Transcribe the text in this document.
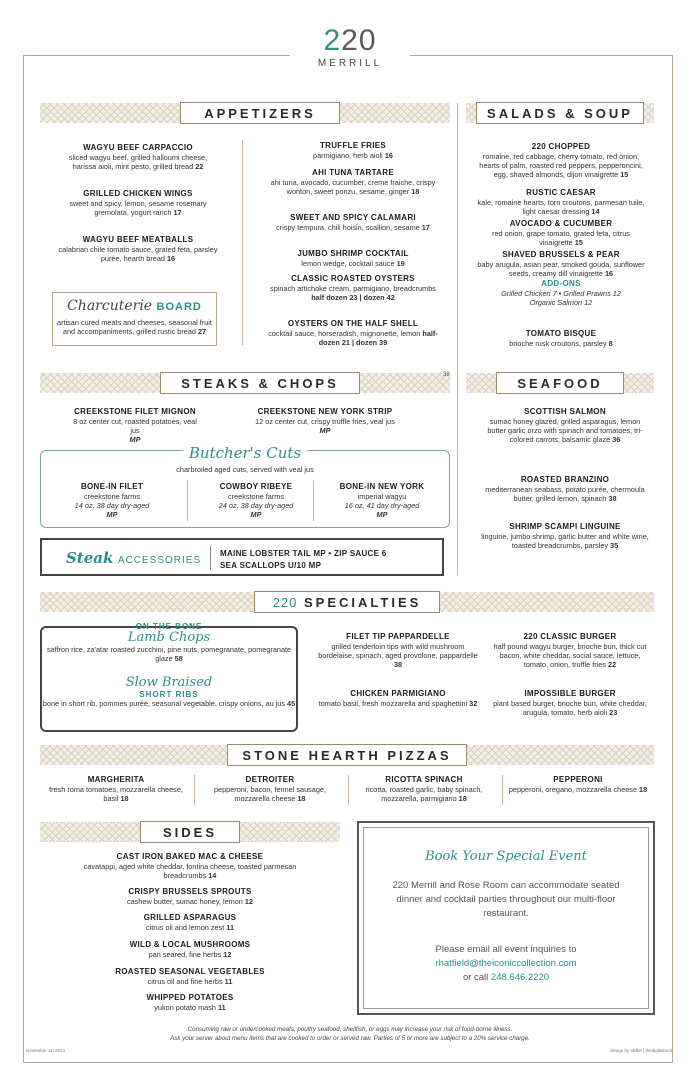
220
MERRILL
APPETIZERS
WAGYU BEEF CARPACCIO
sliced wagyu beef, grilled halloumi cheese, harissa aioli, mint pesto, grilled bread 22
GRILLED CHICKEN WINGS
sweet and spicy, lemon, sesame rosemary gremolata, yogurt ranch 17
WAGYU BEEF MEATBALLS
calabrian chile tomato sauce, grated feta, parsley purée, hearth bread 16
TRUFFLE FRIES
parmigiano, herb aioli 16
AHI TUNA TARTARE
ahi tuna, avocado, cucumber, creme fraiche, crispy wonton, sweet ponzu, sesame, ginger 18
SWEET AND SPICY CALAMARI
crispy tempura, chili hoisin, scallion, sesame 17
JUMBO SHRIMP COCKTAIL
lemon wedge, cocktail sauce 19
CLASSIC ROASTED OYSTERS
spinach artichoke cream, parmigiano, breadcrumbs half dozen 23 | dozen 42
OYSTERS ON THE HALF SHELL
cocktail sauce, horseradish, mignonette, lemon half-dozen 21 | dozen 39
Charcuterie BOARD
artisan cured meats and cheeses, seasonal fruit and accompaniments, grilled rustic bread 27
SALADS & SOUP
220 CHOPPED
romaine, red cabbage, cherry tomato, red onion, hearts of palm, roasted red peppers, pepperoncini, egg, shaved almonds, dijon vinaigrette 15
RUSTIC CAESAR
kale, romaine hearts, torn croutons, parmesan tuile, light caesar dressing 14
AVOCADO & CUCUMBER
red onion, grape tomato, grated feta, citrus vinaigrette 15
SHAVED BRUSSELS & PEAR
baby arugula, asian pear, smoked gouda, sunflower seeds, creamy dill vinaigrette 16
ADD-ONS
Grilled Chicken 7 • Grilled Prawns 12
Organic Salmon 12
TOMATO BISQUE
brioche rusk croutons, parsley 8
STEAKS & CHOPS
38
CREEKSTONE FILET MIGNON
8 oz center cut, roasted potatoes, veal jus
MP
CREEKSTONE NEW YORK STRIP
12 oz center cut, crispy truffle fries, veal jus
MP
Butcher's Cuts
charbroiled aged cuts, served with veal jus
BONE-IN FILET
creekstone farms
14 oz, 38 day dry-aged
MP
COWBOY RIBEYE
creekstone farms
24 oz, 38 day dry-aged
MP
BONE-IN NEW YORK
imperial wagyu
16 oz, 41 day dry-aged
MP
Steak ACCESSORIES
MAINE LOBSTER TAIL MP • ZIP SAUCE 6
SEA SCALLOPS U/10 MP
SEAFOOD
SCOTTISH SALMON
sumac honey glazed, grilled asparagus, lemon butter garlic orzo with spinach and tomatoes, tri-colored carrots, balsamic glaze 36
ROASTED BRANZINO
mediterranean seabass, potato purée, chermoula butter, grilled lemon, spinach 38
SHRIMP SCAMPI LINGUINE
linguine, jumbo shrimp, garlic butter and white wine, toasted breadcrumbs, parsley 35
220 SPECIALTIES
ON THE BONE
Lamb Chops
saffron rice, za'atar roasted zucchini, pine nuts, pomegranate, pomegranate glaze 58
Slow Braised
SHORT RIBS
bone in short rib, pommes purée, seasonal vegetable, crispy onions, au jus 45
FILET TIP PAPPARDELLE
grilled tenderloin tips with wild mushroom bordelaise, spinach, aged provolone, pappardelle 38
CHICKEN PARMIGIANO
tomato basil, fresh mozzarella and spaghettini 32
220 CLASSIC BURGER
half pound wagyu burger, brioche bun, thick cut bacon, white cheddar, social sauce, lettuce, tomato, onion, truffle fries 22
IMPOSSIBLE BURGER
plant based burger, brioche bun, white cheddar, arugula, tomato, herb aioli 23
STONE HEARTH PIZZAS
MARGHERITA
fresh roma tomatoes, mozzarella cheese, basil 18
DETROITER
pepperoni, bacon, fennel sausage, mozzarella cheese 18
RICOTTA SPINACH
ricotta, roasted garlic, baby spinach, mozzarella, parmigiano 18
PEPPERONI
pepperoni, oregano, mozzarella cheese 18
SIDES
CAST IRON BAKED MAC & CHEESE
cavatappi, aged white cheddar, fontina cheese, toasted parmesan breadcrumbs 14
CRISPY BRUSSELS SPROUTS
cashew butter, sumac honey, lemon 12
GRILLED ASPARAGUS
citrus oil and lemon zest 11
WILD & LOCAL MUSHROOMS
pan seared, fine herbs 12
ROASTED SEASONAL VEGETABLES
citrus oil and fine herbs 11
WHIPPED POTATOES
yukon potato mash 11
Book Your Special Event
220 Merrill and Rose Room can accommodate seated dinner and cocktail parties throughout our multi-floor restaurant.
Please email all event inquiries to
rhatfield@theiconiccollection.com
or call 248.646.2220
Consuming raw or undercooked meats, poultry seafood, shellfish, or eggs may increase your risk of food-borne illness.
Ask your server about menu items that are cooked to order or served raw. Parties of 5 or more are subject to a 20% service charge.
November 11, 2021	design by skillet | thedigitalnest
